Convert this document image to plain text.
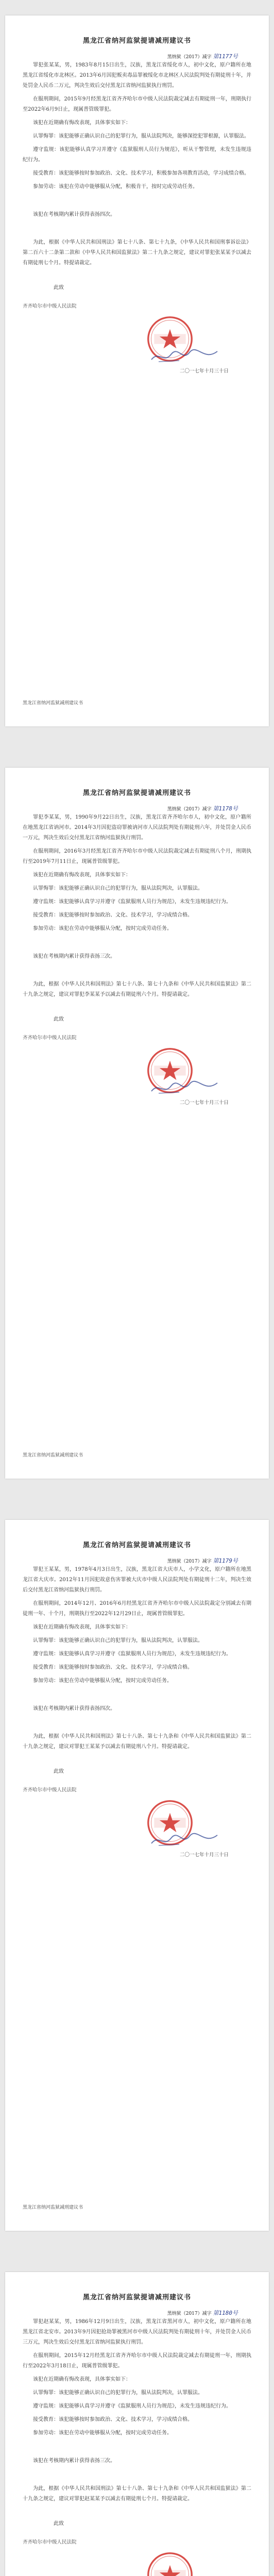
黑龙江省纳河监狱提请减刑建议书
黑纳狱（2017）减字 第1177号

罪犯张某某，男，1983年8月15日出生，汉族，黑龙江省绥化市人，初中文化，原户籍所在地黑龙江省绥化市北林区。2013年6月因犯贩卖毒品罪被绥化市北林区人民法院判处有期徒刑十年，并处罚金人民币二万元，判决生效后交付黑龙江省纳河监狱执行刑罚。

在服刑期间，2015年9月经黑龙江省齐齐哈尔市中级人民法院裁定减去有期徒刑一年，刑期执行至2022年6月9日止，现属普管级罪犯。

该犯在近期确有悔改表现，具体事实如下：

认罪悔罪：该犯能够正确认识自己的犯罪行为，服从法院判决，能够深挖犯罪根源，认罪服法。

遵守监规：该犯能够认真学习并遵守《监狱服刑人员行为规范》，听从干警管理，未发生违规违纪行为。

接受教育：该犯能够按时参加政治、文化、技术学习，积极参加各项教育活动，学习成绩合格。

参加劳动：该犯在劳动中能够服从分配，积极肯干，按时完成劳动任务。

该犯在考核期内累计获得表扬四次。

为此，根据《中华人民共和国刑法》第七十八条、第七十九条，《中华人民共和国刑事诉讼法》第二百六十二条第二款和《中华人民共和国监狱法》第二十九条之规定，建议对罪犯张某某予以减去有期徒刑七个月。特提请裁定。

此致
齐齐哈尔市中级人民法院
二〇一七年十月三十日
黑龙江省纳河监狱减刑建议书
黑龙江省纳河监狱提请减刑建议书
黑纳狱（2017）减字 第1178号

罪犯李某某，男，1990年9月22日出生，汉族，黑龙江省齐齐哈尔市人，初中文化，原户籍所在地黑龙江省讷河市。2014年3月因犯盗窃罪被讷河市人民法院判处有期徒刑六年，并处罚金人民币一万元，判决生效后交付黑龙江省纳河监狱执行刑罚。

在服刑期间，2016年3月经黑龙江省齐齐哈尔市中级人民法院裁定减去有期徒刑八个月，刑期执行至2019年7月11日止，现属普管级罪犯。

该犯在近期确有悔改表现，具体事实如下：

认罪悔罪：该犯能够正确认识自己的犯罪行为，服从法院判决，认罪服法。

遵守监规：该犯能够认真学习并遵守《监狱服刑人员行为规范》，未发生违规违纪行为。

接受教育：该犯能够按时参加政治、文化、技术学习，学习成绩合格。

参加劳动：该犯在劳动中能够服从分配，按时完成劳动任务。

该犯在考核期内累计获得表扬三次。

为此，根据《中华人民共和国刑法》第七十八条、第七十九条和《中华人民共和国监狱法》第二十九条之规定，建议对罪犯李某某予以减去有期徒刑六个月。特提请裁定。

此致
齐齐哈尔市中级人民法院
二〇一七年十月三十日
黑龙江省纳河监狱减刑建议书
黑龙江省纳河监狱提请减刑建议书
黑纳狱（2017）减字 第1179号

罪犯王某某，男，1978年4月3日出生，汉族，黑龙江省大庆市人，小学文化，原户籍所在地黑龙江省大庆市。2012年11月因犯故意伤害罪被大庆市中级人民法院判处有期徒刑十二年，判决生效后交付黑龙江省纳河监狱执行刑罚。

在服刑期间，2014年12月、2016年6月经黑龙江省齐齐哈尔市中级人民法院裁定分别减去有期徒刑一年、十个月，刑期执行至2022年12月29日止，现属普管级罪犯。

该犯在近期确有悔改表现，具体事实如下：

认罪悔罪：该犯能够正确认识自己的犯罪行为，服从法院判决，认罪服法。

遵守监规：该犯能够认真学习并遵守《监狱服刑人员行为规范》，未发生违规违纪行为。

接受教育：该犯能够按时参加政治、文化、技术学习，学习成绩合格。

参加劳动：该犯在劳动中能够服从分配，按时完成劳动任务。

该犯在考核期内累计获得表扬四次。

为此，根据《中华人民共和国刑法》第七十八条、第七十九条和《中华人民共和国监狱法》第二十九条之规定，建议对罪犯王某某予以减去有期徒刑八个月。特提请裁定。

此致
齐齐哈尔市中级人民法院
二〇一七年十月三十日
黑龙江省纳河监狱减刑建议书
黑龙江省纳河监狱提请减刑建议书
黑纳狱（2017）减字 第1180号

罪犯赵某某，男，1986年12月9日出生，汉族，黑龙江省黑河市人，初中文化，原户籍所在地黑龙江省北安市。2013年9月因犯抢劫罪被黑河市中级人民法院判处有期徒刑十年，并处罚金人民币三万元，判决生效后交付黑龙江省纳河监狱执行刑罚。

在服刑期间，2015年12月经黑龙江省齐齐哈尔市中级人民法院裁定减去有期徒刑一年，刑期执行至2022年3月18日止，现属普管级罪犯。

该犯在近期确有悔改表现，具体事实如下：

认罪悔罪：该犯能够正确认识自己的犯罪行为，服从法院判决，认罪服法。

遵守监规：该犯能够认真学习并遵守《监狱服刑人员行为规范》，未发生违规违纪行为。

接受教育：该犯能够按时参加政治、文化、技术学习，学习成绩合格。

参加劳动：该犯在劳动中能够服从分配，按时完成劳动任务。

该犯在考核期内累计获得表扬三次。

为此，根据《中华人民共和国刑法》第七十八条、第七十九条和《中华人民共和国监狱法》第二十九条之规定，建议对罪犯赵某某予以减去有期徒刑七个月。特提请裁定。

此致
齐齐哈尔市中级人民法院
